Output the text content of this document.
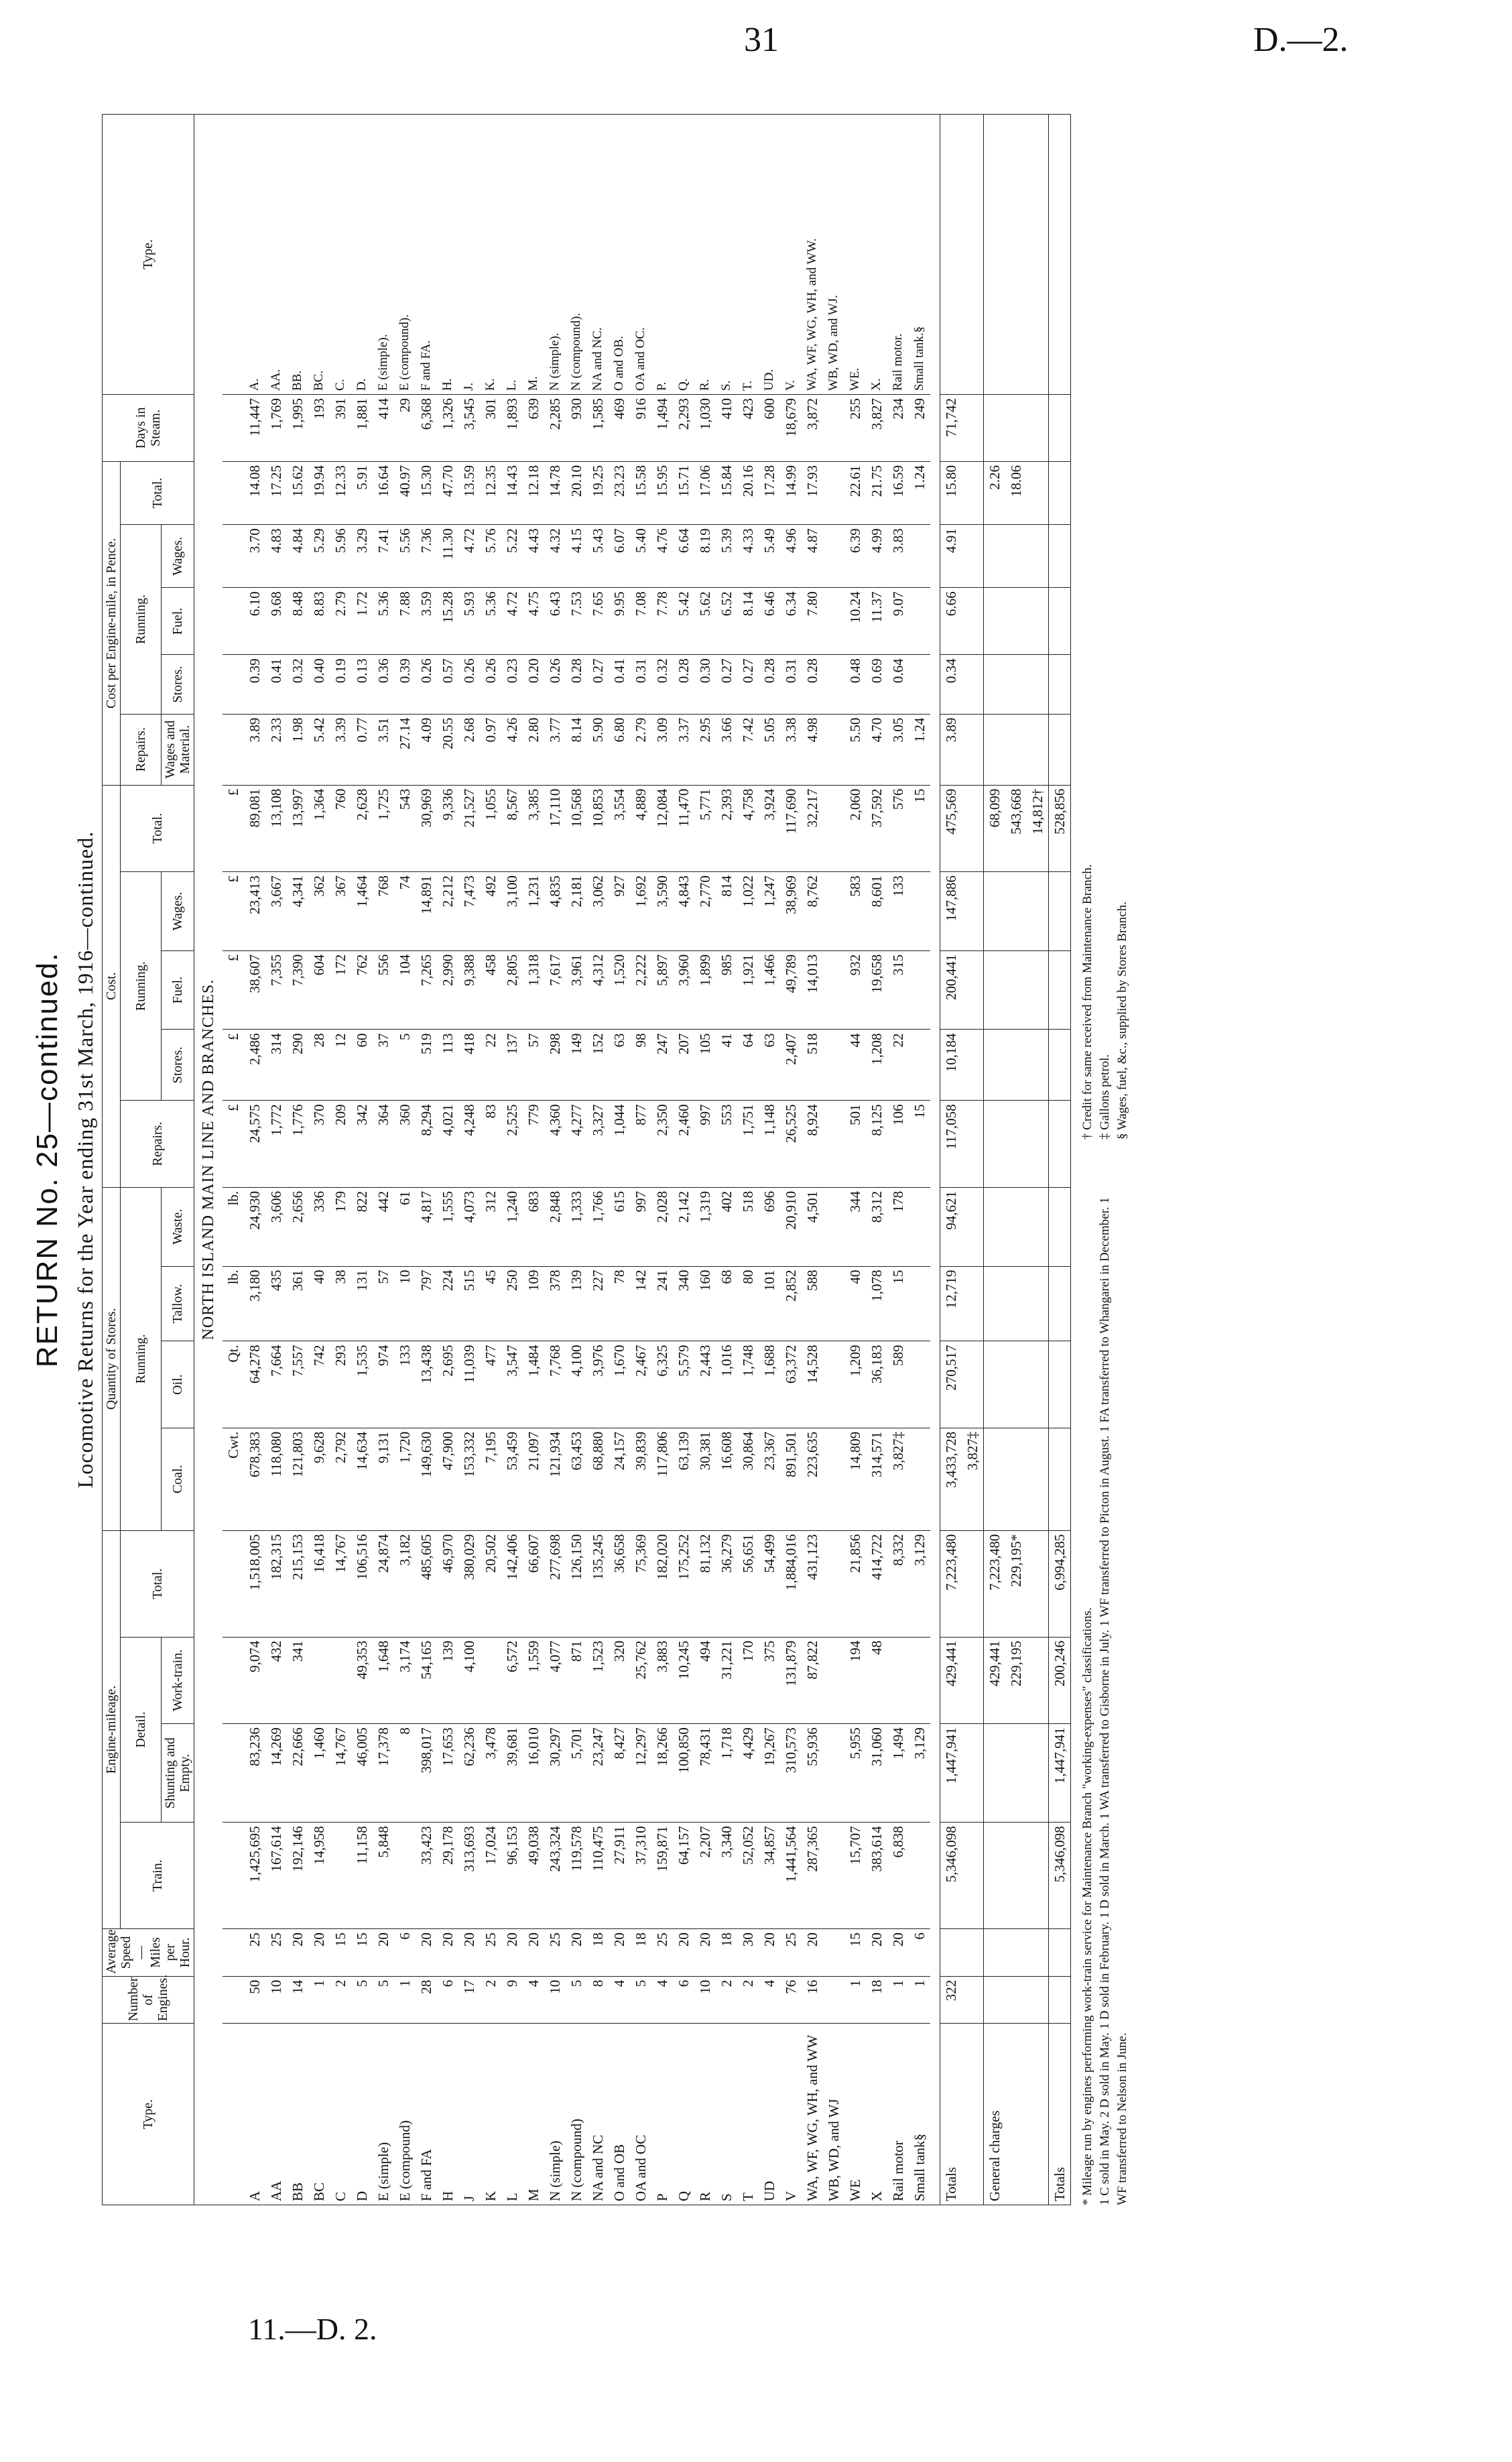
31	D.—2.
11.—D. 2.
RETURN No. 25—continued. Locomotive Returns for the Year ending 31st March, 1916—continued.
Type.	Number of Engines.	Average Speed—Miles per Hour.	Engine-mileage.				Quantity of Stores.				Cost.					Cost per Engine-mile, in Pence.					Days in Steam.	Type.
			Train.	Detail.		Total.	Running.				Repairs.	Running.			Total.	Repairs.	Running.			Total.		
				Shunting and Empty.	Work-train.		Coal.	Oil.	Tallow.	Waste.		Stores.	Fuel.	Wages.		Wages and Material.	Stores.	Fuel.	Wages.			
NORTH ISLAND MAIN LINE AND BRANCHES.																						
							Cwt.	Qt.	lb.	lb.	£	£	£	£	£							
A	50	25	1,425,695	83,236	9,074	1,518,005	678,383	64,278	3,180	24,930	24,575	2,486	38,607	23,413	89,081	3.89	0.39	6.10	3.70	14.08	11,447	A.
AA	10	25	167,614	14,269	432	182,315	118,080	7,664	435	3,606	1,772	314	7,355	3,667	13,108	2.33	0.41	9.68	4.83	17.25	1,769	AA.
BB	14	20	192,146	22,666	341	215,153	121,803	7,557	361	2,656	1,776	290	7,390	4,341	13,997	1.98	0.32	8.48	4.84	15.62	1,995	BB.
BC	1	20	14,958	1,460		16,418	9,628	742	40	336	370	28	604	362	1,364	5.42	0.40	8.83	5.29	19.94	193	BC.
C	2	15		14,767		14,767	2,792	293	38	179	209	12	172	367	760	3.39	0.19	2.79	5.96	12.33	391	C.
D	5	15	11,158	46,005	49,353	106,516	14,634	1,535	131	822	342	60	762	1,464	2,628	0.77	0.13	1.72	3.29	5.91	1,881	D.
E (simple)	5	20	5,848	17,378	1,648	24,874	9,131	974	57	442	364	37	556	768	1,725	3.51	0.36	5.36	7.41	16.64	414	E (simple).
E (compound)	1	6		8	3,174	3,182	1,720	133	10	61	360	5	104	74	543	27.14	0.39	7.88	5.56	40.97	29	E (compound).
F and FA	28	20	33,423	398,017	54,165	485,605	149,630	13,438	797	4,817	8,294	519	7,265	14,891	30,969	4.09	0.26	3.59	7.36	15.30	6,368	F and FA.
H	6	20	29,178	17,653	139	46,970	47,900	2,695	224	1,555	4,021	113	2,990	2,212	9,336	20.55	0.57	15.28	11.30	47.70	1,326	H.
J	17	20	313,693	62,236	4,100	380,029	153,332	11,039	515	4,073	4,248	418	9,388	7,473	21,527	2.68	0.26	5.93	4.72	13.59	3,545	J.
K	2	25	17,024	3,478		20,502	7,195	477	45	312	83	22	458	492	1,055	0.97	0.26	5.36	5.76	12.35	301	K.
L	9	20	96,153	39,681	6,572	142,406	53,459	3,547	250	1,240	2,525	137	2,805	3,100	8,567	4.26	0.23	4.72	5.22	14.43	1,893	L.
M	4	20	49,038	16,010	1,559	66,607	21,097	1,484	109	683	779	57	1,318	1,231	3,385	2.80	0.20	4.75	4.43	12.18	639	M.
N (simple)	10	25	243,324	30,297	4,077	277,698	121,934	7,768	378	2,848	4,360	298	7,617	4,835	17,110	3.77	0.26	6.43	4.32	14.78	2,285	N (simple).
N (compound)	5	20	119,578	5,701	871	126,150	63,453	4,100	139	1,333	4,277	149	3,961	2,181	10,568	8.14	0.28	7.53	4.15	20.10	930	N (compound).
NA and NC	8	18	110,475	23,247	1,523	135,245	68,880	3,976	227	1,766	3,327	152	4,312	3,062	10,853	5.90	0.27	7.65	5.43	19.25	1,585	NA and NC.
O and OB	4	20	27,911	8,427	320	36,658	24,157	1,670	78	615	1,044	63	1,520	927	3,554	6.80	0.41	9.95	6.07	23.23	469	O and OB.
OA and OC	5	18	37,310	12,297	25,762	75,369	39,839	2,467	142	997	877	98	2,222	1,692	4,889	2.79	0.31	7.08	5.40	15.58	916	OA and OC.
P	4	25	159,871	18,266	3,883	182,020	117,806	6,325	241	2,028	2,350	247	5,897	3,590	12,084	3.09	0.32	7.78	4.76	15.95	1,494	P.
Q	6	20	64,157	100,850	10,245	175,252	63,139	5,579	340	2,142	2,460	207	3,960	4,843	11,470	3.37	0.28	5.42	6.64	15.71	2,293	Q.
R	10	20	2,207	78,431	494	81,132	30,381	2,443	160	1,319	997	105	1,899	2,770	5,771	2.95	0.30	5.62	8.19	17.06	1,030	R.
S	2	18	3,340	1,718	31,221	36,279	16,608	1,016	68	402	553	41	985	814	2,393	3.66	0.27	6.52	5.39	15.84	410	S.
T	2	30	52,052	4,429	170	56,651	30,864	1,748	80	518	1,751	64	1,921	1,022	4,758	7.42	0.27	8.14	4.33	20.16	423	T.
UD	4	20	34,857	19,267	375	54,499	23,367	1,688	101	696	1,148	63	1,466	1,247	3,924	5.05	0.28	6.46	5.49	17.28	600	UD.
V	76	25	1,441,564	310,573	131,879	1,884,016	891,501	63,372	2,852	20,910	26,525	2,407	49,789	38,969	117,690	3.38	0.31	6.34	4.96	14.99	18,679	V.
WA, WF, WG, WH, and WW	16	20	287,365	55,936	87,822	431,123	223,635	14,528	588	4,501	8,924	518	14,013	8,762	32,217	4.98	0.28	7.80	4.87	17.93	3,872	WA, WF, WG, WH, and WW.
WB, WD, and WJ																						WB, WD, and WJ.
WE	1	15	15,707	5,955	194	21,856	14,809	1,209	40	344	501	44	932	583	2,060	5.50	0.48	10.24	6.39	22.61	255	WE.
X	18	20	383,614	31,060	48	414,722	314,571	36,183	1,078	8,312	8,125	1,208	19,658	8,601	37,592	4.70	0.69	11.37	4.99	21.75	3,827	X.
Rail motor	1	20	6,838	1,494		8,332	3,827‡	589	15	178	106	22	315	133	576	3.05	0.64	9.07	3.83	16.59	234	Rail motor.
Small tank§	1	6		3,129		3,129					15				15	1.24				1.24	249	Small tank.§

Totals	322		5,346,098	1,447,941	429,441	7,223,480	3,433,728	270,517	12,719	94,621	117,058	10,184	200,441	147,886	475,569	3.89	0.34	6.66	4.91	15.80	71,742	
							3,827‡															
General charges					429,441	7,223,480									68,099					2.26		
					229,195	229,195*									543,668					18.06		
															14,812†							
Totals			5,346,098	1,447,941	200,246	6,994,285									528,856							
* Mileage run by engines performing work-train service for Maintenance Branch "working-expenses" classifications. 1 C sold in May. 2 D sold in May. 1 D sold in February. 1 D sold in March. 1 WA transferred to Gisborne in July. 1 WF transferred to Picton in August. 1 FA transferred to Whangarei in December. 1 WF transferred to Nelson in June.
† Credit for same received from Maintenance Branch. ‡ Gallons petrol. § Wages, fuel, &c., supplied by Stores Branch.
